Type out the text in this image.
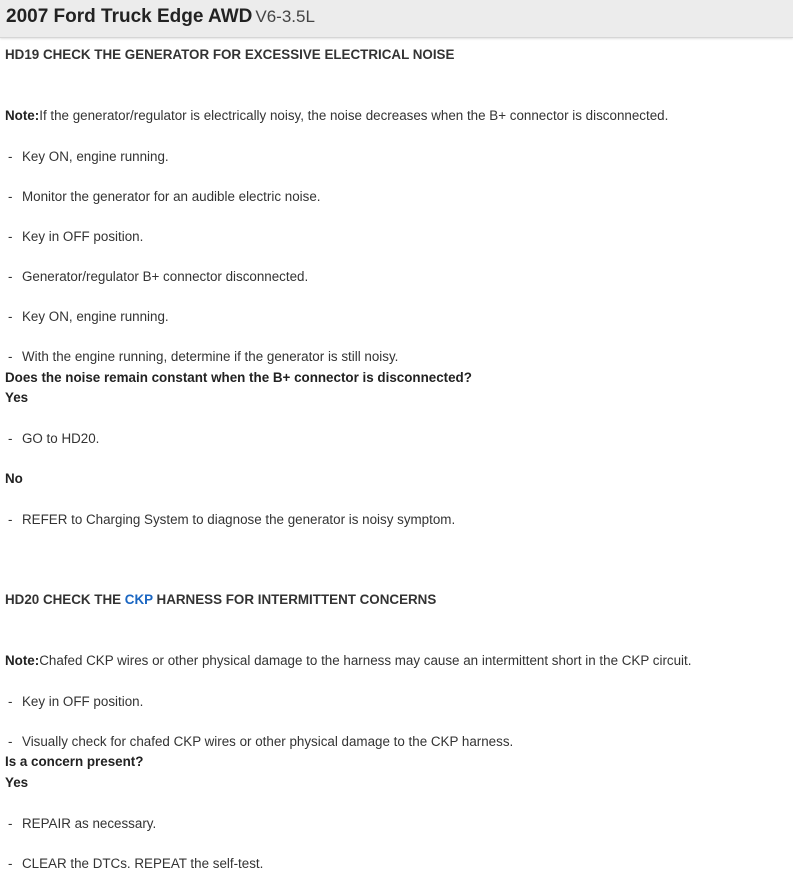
2007 Ford Truck Edge AWD V6-3.5L
HD19 CHECK THE GENERATOR FOR EXCESSIVE ELECTRICAL NOISE
Note:If the generator/regulator is electrically noisy, the noise decreases when the B+ connector is disconnected.
- Key ON, engine running.
- Monitor the generator for an audible electric noise.
- Key in OFF position.
- Generator/regulator B+ connector disconnected.
- Key ON, engine running.
- With the engine running, determine if the generator is still noisy.
Does the noise remain constant when the B+ connector is disconnected?
Yes
- GO to HD20.
No
- REFER to Charging System to diagnose the generator is noisy symptom.
HD20 CHECK THE CKP HARNESS FOR INTERMITTENT CONCERNS
Note:Chafed CKP wires or other physical damage to the harness may cause an intermittent short in the CKP circuit.
- Key in OFF position.
- Visually check for chafed CKP wires or other physical damage to the CKP harness.
Is a concern present?
Yes
- REPAIR as necessary.
- CLEAR the DTCs. REPEAT the self-test.
